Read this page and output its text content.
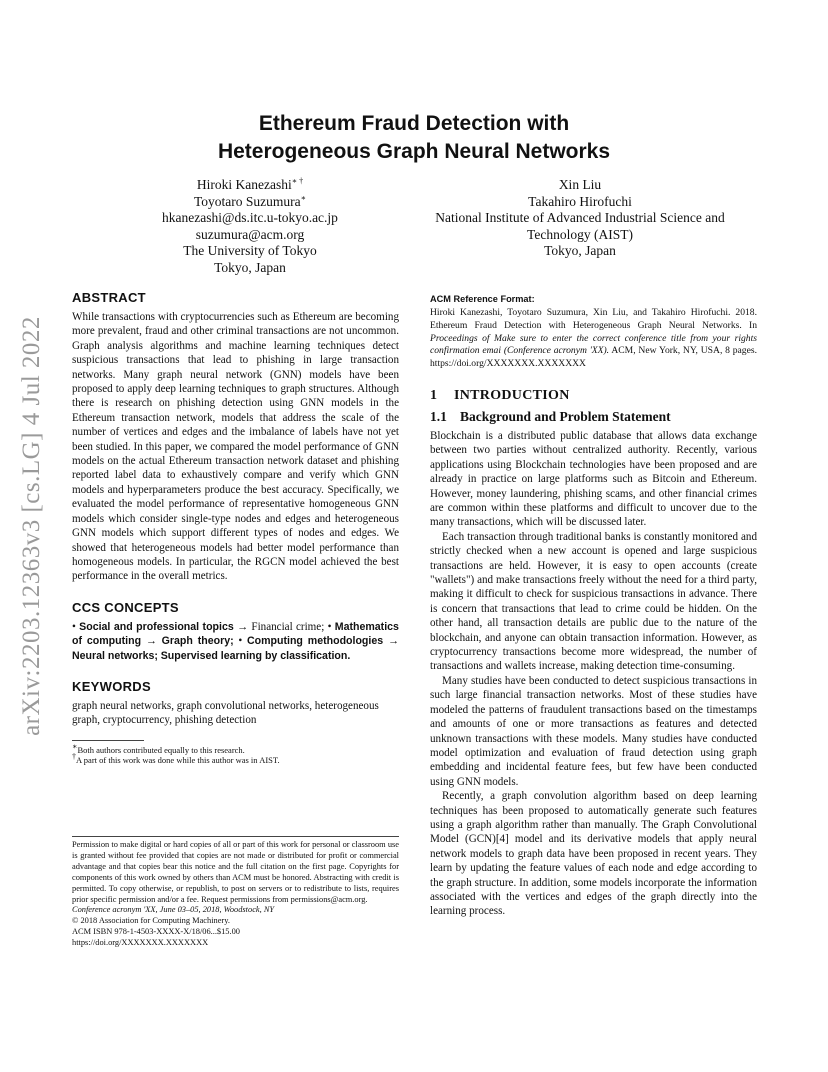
arXiv:2203.12363v3 [cs.LG] 4 Jul 2022
Ethereum Fraud Detection with
Heterogeneous Graph Neural Networks
Hiroki Kanezashi∗ †
Toyotaro Suzumura∗
hkanezashi@ds.itc.u-tokyo.ac.jp
suzumura@acm.org
The University of Tokyo
Tokyo, Japan
Xin Liu
Takahiro Hirofuchi
National Institute of Advanced Industrial Science and
Technology (AIST)
Tokyo, Japan
ABSTRACT

While transactions with cryptocurrencies such as Ethereum are becoming more prevalent, fraud and other criminal transactions are not uncommon. Graph analysis algorithms and machine learning techniques detect suspicious transactions that lead to phishing in large transaction networks. Many graph neural network (GNN) models have been proposed to apply deep learning techniques to graph structures. Although there is research on phishing detection using GNN models in the Ethereum transaction network, models that address the scale of the number of vertices and edges and the imbalance of labels have not yet been studied. In this paper, we compared the model performance of GNN models on the actual Ethereum transaction network dataset and phishing reported label data to exhaustively compare and verify which GNN models and hyperparameters produce the best accuracy. Specifically, we evaluated the model performance of representative homogeneous GNN models which consider single-type nodes and edges and heterogeneous GNN models which support different types of nodes and edges. We showed that heterogeneous models had better model performance than homogeneous models. In particular, the RGCN model achieved the best performance in the overall metrics.

CCS CONCEPTS
• Social and professional topics → Financial crime; • Mathematics of computing → Graph theory; • Computing methodologies → Neural networks; Supervised learning by classification.
KEYWORDS

graph neural networks, graph convolutional networks, heterogeneous graph, cryptocurrency, phishing detection

∗Both authors contributed equally to this research.
†A part of this work was done while this author was in AIST.
Permission to make digital or hard copies of all or part of this work for personal or classroom use is granted without fee provided that copies are not made or distributed for profit or commercial advantage and that copies bear this notice and the full citation on the first page. Copyrights for components of this work owned by others than ACM must be honored. Abstracting with credit is permitted. To copy otherwise, or republish, to post on servers or to redistribute to lists, requires prior specific permission and/or a fee. Request permissions from permissions@acm.org.
Conference acronym 'XX, June 03–05, 2018, Woodstock, NY
© 2018 Association for Computing Machinery.
ACM ISBN 978-1-4503-XXXX-X/18/06...$15.00
https://doi.org/XXXXXXX.XXXXXXX
ACM Reference Format:
Hiroki Kanezashi, Toyotaro Suzumura, Xin Liu, and Takahiro Hirofuchi. 2018. Ethereum Fraud Detection with Heterogeneous Graph Neural Networks. In Proceedings of Make sure to enter the correct conference title from your rights confirmation emai (Conference acronym 'XX). ACM, New York, NY, USA, 8 pages. https://doi.org/XXXXXXX.XXXXXXX
1 INTRODUCTION
1.1 Background and Problem Statement

Blockchain is a distributed public database that allows data exchange between two parties without centralized authority. Recently, various applications using Blockchain technologies have been proposed and are already in practice on large platforms such as Bitcoin and Ethereum. However, money laundering, phishing scams, and other financial crimes are common within these platforms and difficult to uncover due to the many transactions, which will be discussed later.

Each transaction through traditional banks is constantly monitored and strictly checked when a new account is opened and large suspicious transactions are held. However, it is easy to open accounts (create "wallets") and make transactions freely without the need for a third party, making it difficult to check for suspicious transactions in advance. There is concern that transactions that lead to crime could be hidden. On the other hand, all transaction details are public due to the nature of the blockchain, and anyone can obtain transaction information. However, as cryptocurrency transactions become more widespread, the number of transactions and wallets increase, making detection time-consuming.

Many studies have been conducted to detect suspicious transactions in such large financial transaction networks. Most of these studies have modeled the patterns of fraudulent transactions based on the timestamps and amounts of one or more transactions as features and detected unknown transactions with these models. Many studies have conducted model optimization and evaluation of fraud detection using graph embedding and incidental feature fees, but few have been conducted using GNN models.

Recently, a graph convolution algorithm based on deep learning techniques has been proposed to automatically generate such features using a graph algorithm rather than manually. The Graph Convolutional Model (GCN)[4] model and its derivative models that apply neural network models to graph data have been proposed in recent years. They learn by updating the feature values of each node and edge according to the graph structure. In addition, some models incorporate the information associated with the vertices and edges of the graph directly into the learning process.
